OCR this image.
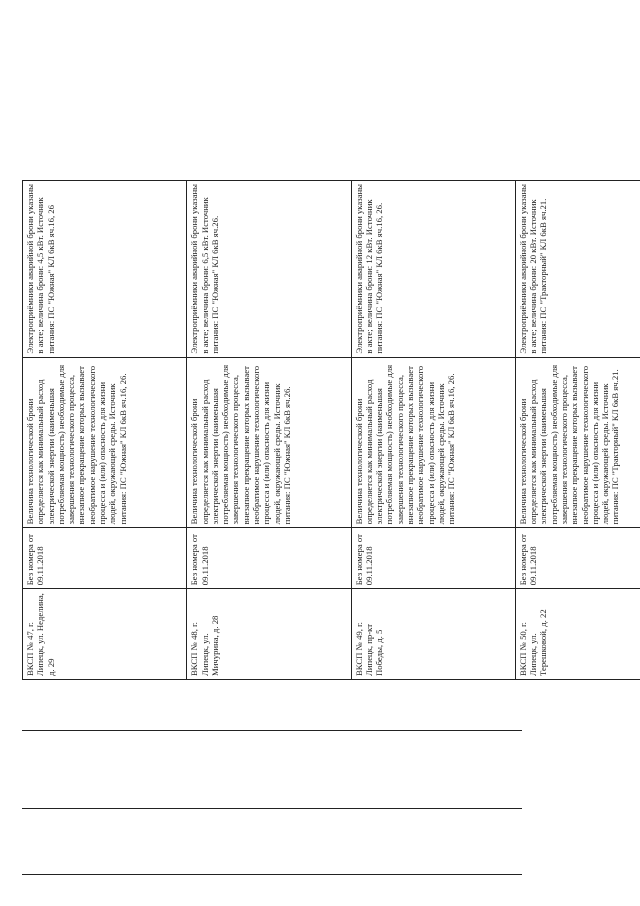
ВКСП № 47, г. Липецк, ул. Неделина, д. 29	Без номера от 09.11.2018	Величина технологической брони определяется как минимальный расход электрической энергии (наименьшая потребляемая мощность) необходимые для завершения технологического процесса, внезапное прекращение которых вызывает необратимое нарушение технологического процесса и (или) опасность для жизни людей, окружающей среды. Источник питания: ПС "Южная" КЛ 6кВ яч.16, 26.	Электроприёмники аварийной брони указаны в акте; величина брони: 4,5 кВт. Источник питания: ПС "Южная" КЛ 6кВ яч.16, 26
ВКСП № 48, г. Липецк, ул. Мичурина, д. 28	Без номера от 09.11.2018	Величина технологической брони определяется как минимальный расход электрической энергии (наименьшая потребляемая мощность) необходимые для завершения технологического процесса, внезапное прекращение которых вызывает необратимое нарушение технологического процесса и (или) опасность для жизни людей, окружающей среды. Источник питания: ПС "Южная" КЛ 6кВ яч.26.	Электроприёмники аварийной брони указаны в акте; величина брони: 6,5 кВт. Источник питания: ПС "Южная" КЛ 6кВ яч.26.
ВКСП № 49, г. Липецк, пр-кт Победы, д. 5	Без номера от 09.11.2018	Величина технологической брони определяется как минимальный расход электрической энергии (наименьшая потребляемая мощность) необходимые для завершения технологического процесса, внезапное прекращение которых вызывает необратимое нарушение технологического процесса и (или) опасность для жизни людей, окружающей среды. Источник питания: ПС "Южная" КЛ 6кВ яч.16, 26.	Электроприёмники аварийной брони указаны в акте; величина брони: 12 кВт. Источник питания: ПС "Южная" КЛ 6кВ яч.16, 26.
ВКСП № 50, г. Липецк, ул. Терешковой, д. 22	Без номера от 09.11.2018	Величина технологической брони определяется как минимальный расход электрической энергии (наименьшая потребляемая мощность) необходимые для завершения технологического процесса, внезапное прекращение которых вызывает необратимое нарушение технологического процесса и (или) опасность для жизни людей, окружающей среды. Источник питания: ПС "Тракторный" КЛ 6кВ яч.21.	Электроприёмники аварийной брони указаны в акте; величина брони: 20 кВт. Источник питания: ПС "Тракторный" КЛ 6кВ яч.21.
